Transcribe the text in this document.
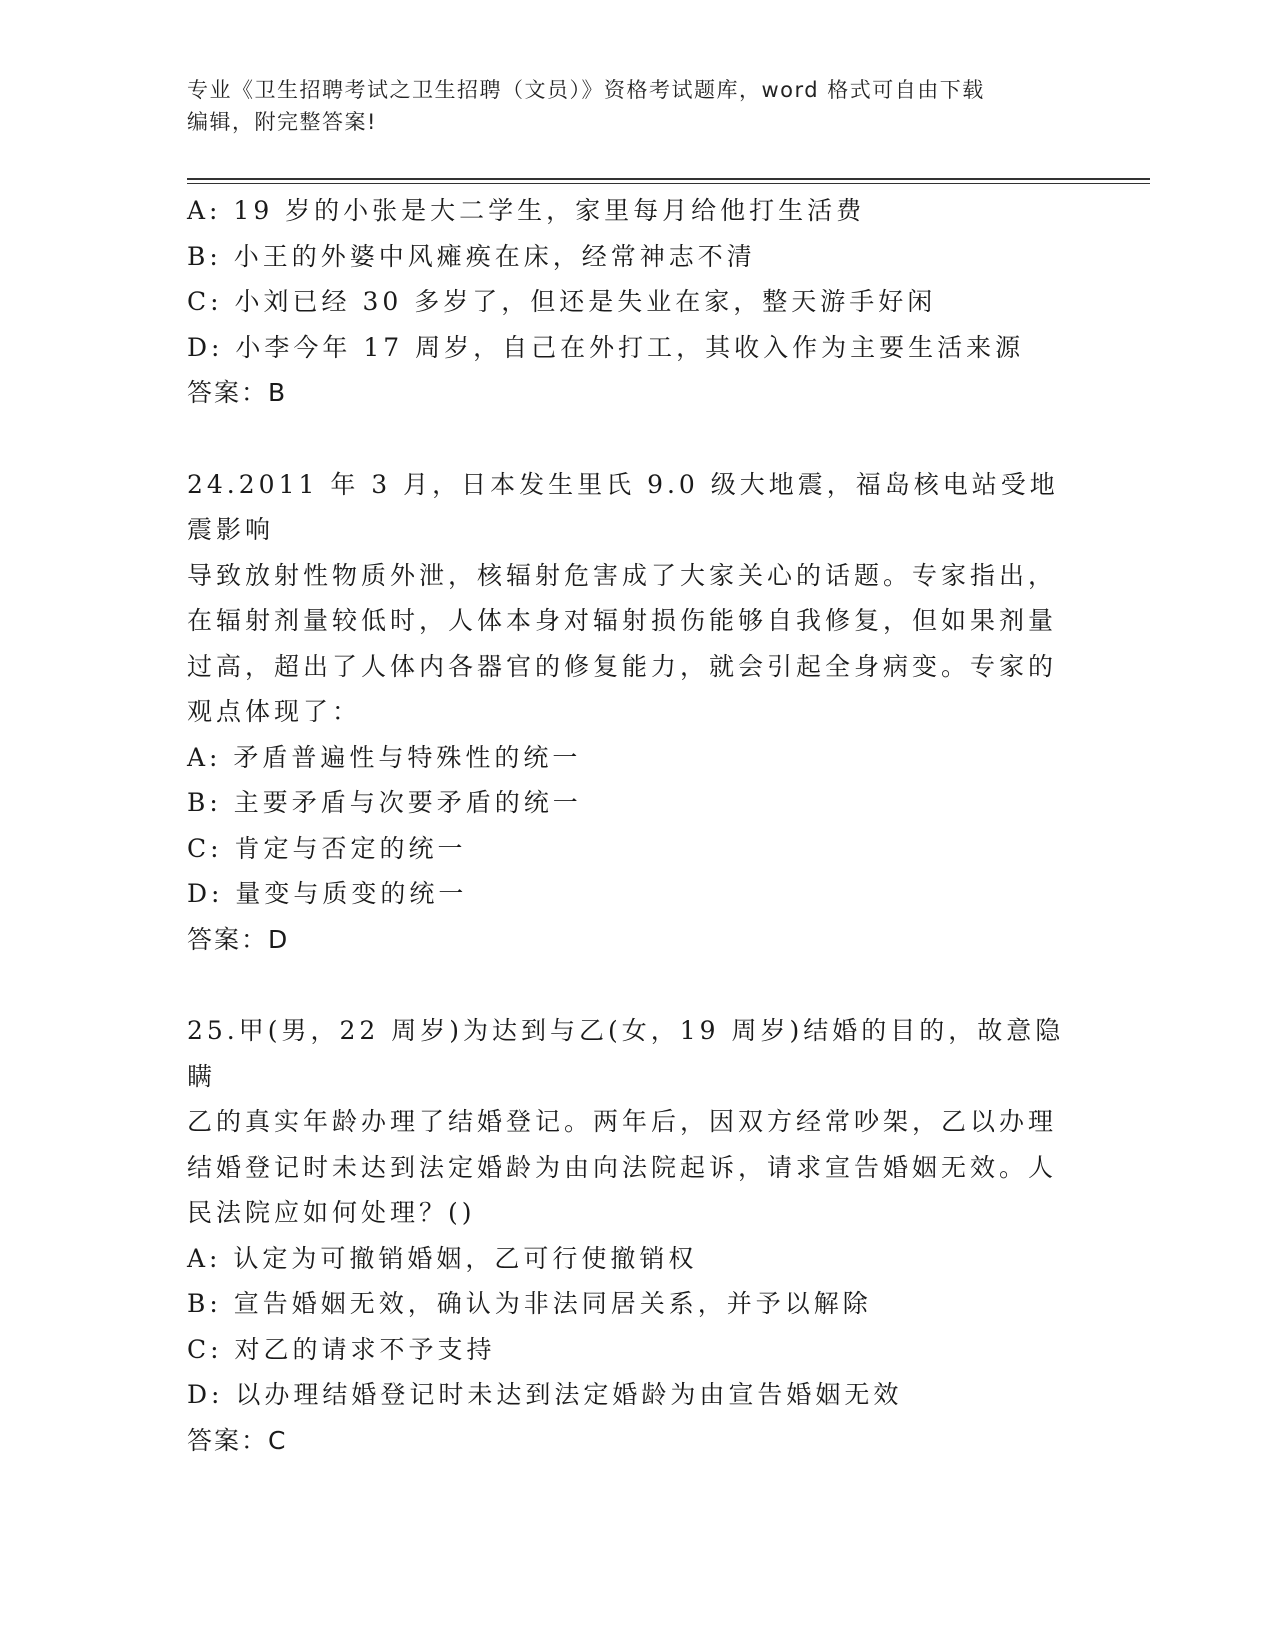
专业《卫生招聘考试之卫生招聘（文员）》资格考试题库，word 格式可自由下载
编辑，附完整答案!
A: 19 岁的小张是大二学生，家里每月给他打生活费
B: 小王的外婆中风瘫痪在床，经常神志不清
C: 小刘已经 30 多岁了，但还是失业在家，整天游手好闲
D: 小李今年 17 周岁，自己在外打工，其收入作为主要生活来源
答案：B
24.2011 年 3 月，日本发生里氏 9.0 级大地震，福岛核电站受地震影响
导致放射性物质外泄，核辐射危害成了大家关心的话题。专家指出，
在辐射剂量较低时，人体本身对辐射损伤能够自我修复，但如果剂量
过高，超出了人体内各器官的修复能力，就会引起全身病变。专家的
观点体现了：
A: 矛盾普遍性与特殊性的统一
B: 主要矛盾与次要矛盾的统一
C: 肯定与否定的统一
D: 量变与质变的统一
答案：D
25.甲(男，22 周岁)为达到与乙(女，19 周岁)结婚的目的，故意隐瞒
乙的真实年龄办理了结婚登记。两年后，因双方经常吵架，乙以办理
结婚登记时未达到法定婚龄为由向法院起诉，请求宣告婚姻无效。人
民法院应如何处理？()
A: 认定为可撤销婚姻，乙可行使撤销权
B: 宣告婚姻无效，确认为非法同居关系，并予以解除
C: 对乙的请求不予支持
D: 以办理结婚登记时未达到法定婚龄为由宣告婚姻无效
答案：C
